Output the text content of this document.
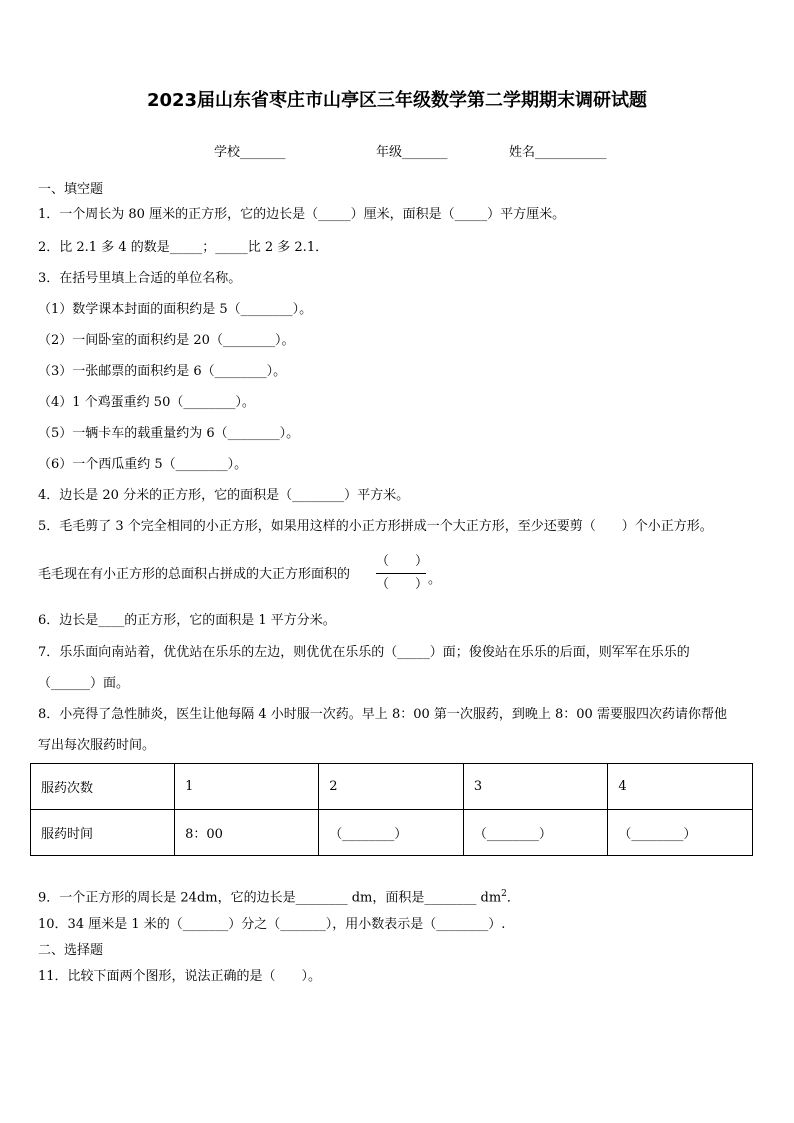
2023届山东省枣庄市山亭区三年级数学第二学期期末调研试题
学校_______	年级_______	姓名___________
一、填空题
1．一个周长为 80 厘米的正方形，它的边长是（_____）厘米，面积是（_____）平方厘米。
2．比 2.1 多 4 的数是_____；_____比 2 多 2.1．
3．在括号里填上合适的单位名称。
（1）数学课本封面的面积约是 5（________）。
（2）一间卧室的面积约是 20（________）。
（3）一张邮票的面积约是 6（________）。
（4）1 个鸡蛋重约 50（________）。
（5）一辆卡车的载重量约为 6（________）。
（6）一个西瓜重约 5（________）。
4．边长是 20 分米的正方形，它的面积是（________）平方米。
5．毛毛剪了 3 个完全相同的小正方形，如果用这样的小正方形拼成一个大正方形，至少还要剪（　　）个小正方形。
毛毛现在有小正方形的总面积占拼成的大正方形面积的
（　　）
（　　） 。
6．边长是____的正方形，它的面积是 1 平方分米。
7．乐乐面向南站着，优优站在乐乐的左边，则优优在乐乐的（_____）面；俊俊站在乐乐的后面，则军军在乐乐的
（______）面。
8．小亮得了急性肺炎，医生让他每隔 4 小时服一次药。早上 8：00 第一次服药，到晚上 8：00 需要服四次药请你帮他
写出每次服药时间。
服药次数	1	2	3	4
服药时间	8：00	（________）	（________）	（________）
9．一个正方形的周长是 24dm，它的边长是________ dm，面积是________ $dm^2$．
10．34 厘米是 1 米的（_______）分之（_______），用小数表示是（________）.
二、选择题
11．比较下面两个图形，说法正确的是（　　）。
